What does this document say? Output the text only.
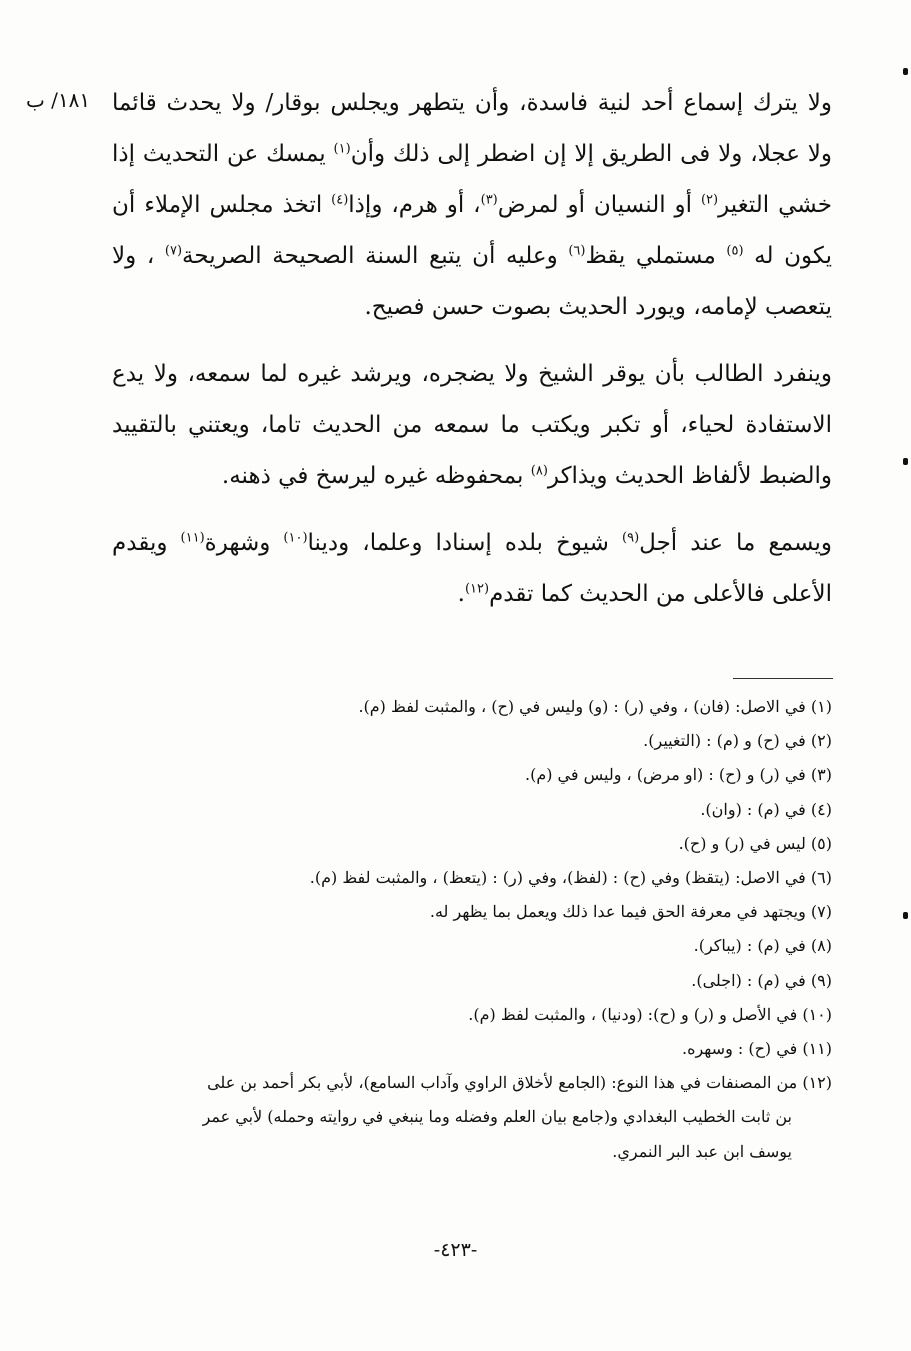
١٨١/ ب ولا يترك إسماع أحد لنية فاسدة، وأن يتطهر ويجلس بوقار/ ولا يحدث قائما ولا عجلا، ولا فى الطريق إلا إن اضطر إلى ذلك وأن$^{(١)}$ يمسك عن التحديث إذا خشي التغير$^{(٢)}$ أو النسيان أو لمرض$^{(٣)}$، أو هرم، وإذا$^{(٤)}$ اتخذ مجلس الإملاء أن يكون له $^{(٥)}$ مستملي يقظ$^{(٦)}$ وعليه أن يتبع السنة الصحيحة الصريحة$^{(٧)}$ ، ولا يتعصب لإمامه، ويورد الحديث بصوت حسن فصيح.

وينفرد الطالب بأن يوقر الشيخ ولا يضجره، ويرشد غيره لما سمعه، ولا يدع الاستفادة لحياء، أو تكبر ويكتب ما سمعه من الحديث تاما، ويعتني بالتقييد والضبط لألفاظ الحديث ويذاكر$^{(٨)}$ بمحفوظه غيره ليرسخ في ذهنه.

ويسمع ما عند أجل$^{(٩)}$ شيوخ بلده إسنادا وعلما، ودينا$^{(١٠)}$ وشهرة$^{(١١)}$ ويقدم الأعلى فالأعلى من الحديث كما تقدم$^{(١٢)}$.

(١) في الاصل: (فان) ، وفي (ر) : (و) وليس في (ح) ، والمثبت لفظ (م).

(٢) في (ح) و (م) : (التغيير).

(٣) في (ر) و (ح) : (او مرض) ، وليس في (م).

(٤) في (م) : (وان).

(٥) ليس في (ر) و (ح).

(٦) في الاصل: (يتقظ) وفي (ح) : (لفظ)، وفي (ر) : (يتعظ) ، والمثبت لفظ (م).

(٧) ويجتهد في معرفة الحق فيما عدا ذلك ويعمل بما يظهر له.

(٨) في (م) : (يباكر).

(٩) في (م) : (اجلى).

(١٠) في الأصل و (ر) و (ح): (ودنيا) ، والمثبت لفظ (م).

(١١) في (ح) : وسهره.

(١٢) من المصنفات في هذا النوع: (الجامع لأخلاق الراوي وآداب السامع)، لأبي بكر أحمد بن على

بن ثابت الخطيب البغدادي و(جامع بيان العلم وفضله وما ينبغي في روايته وحمله) لأبي عمر

يوسف ابن عبد البر النمري.

-٤٢٣-
